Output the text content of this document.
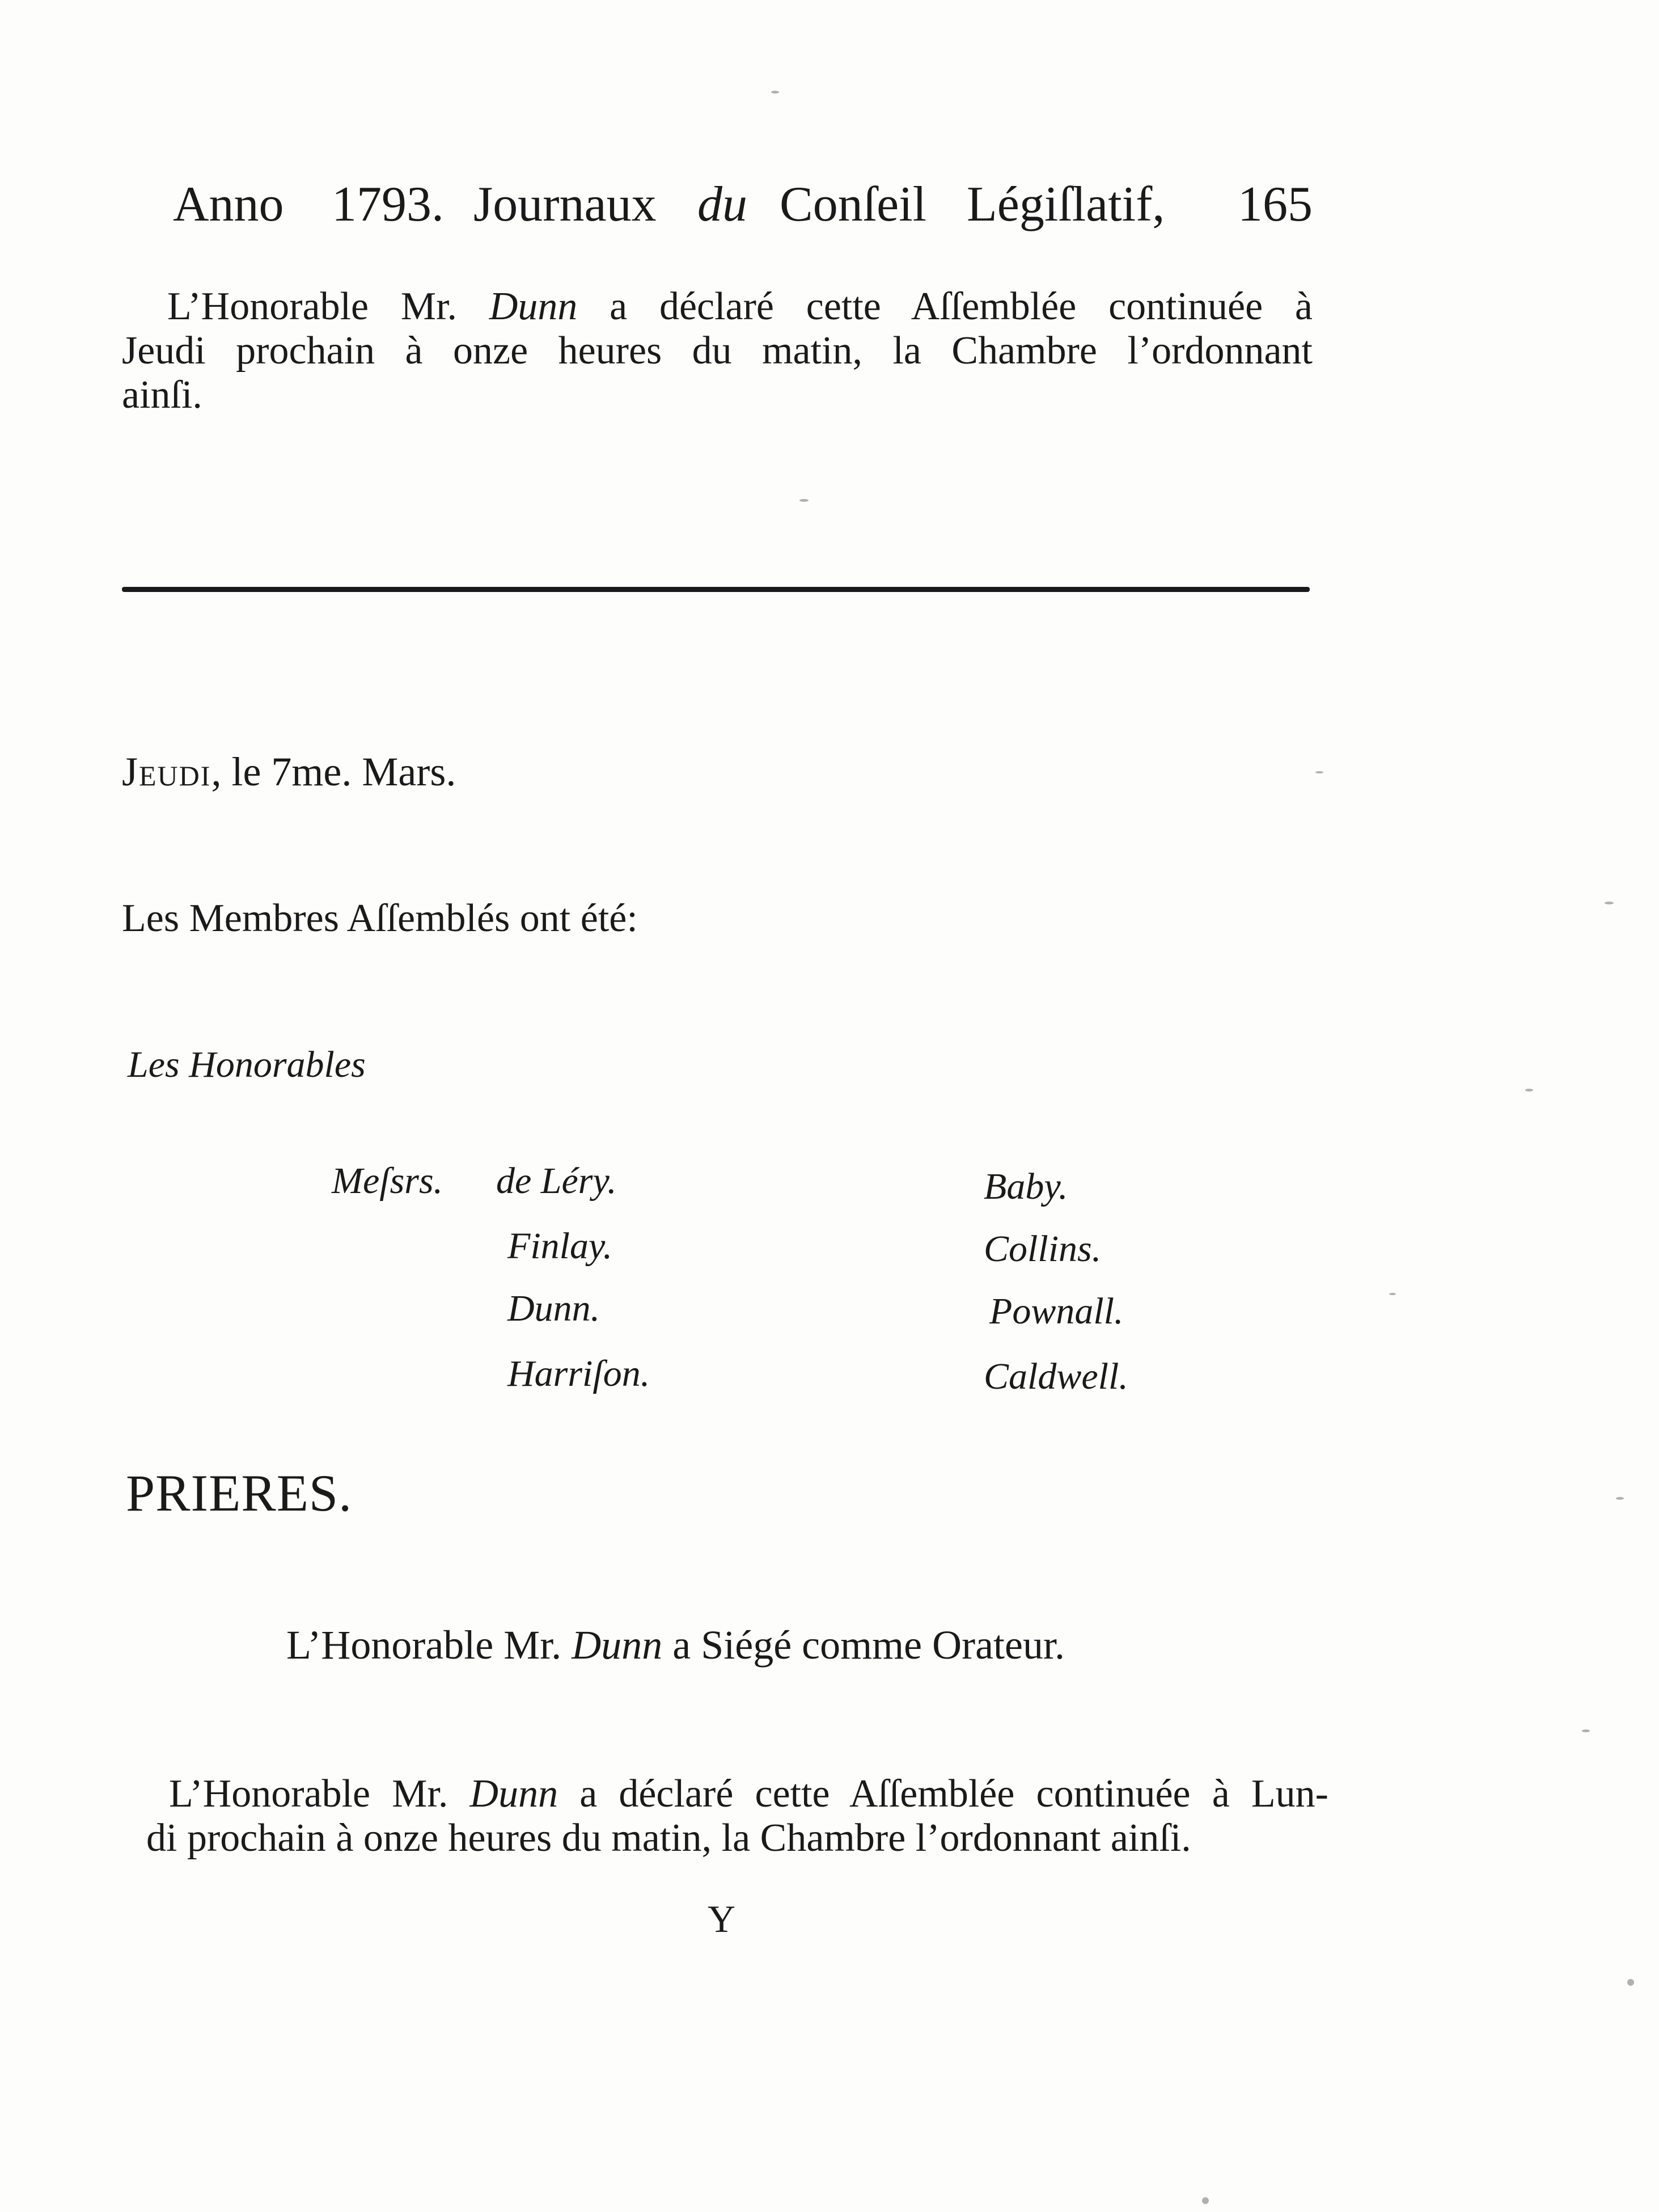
Anno 1793. Journaux du Conſeil Légiſlatif, 165
L’Honorable Mr. Dunn a déclaré cette Aſſemblée continuée à
Jeudi prochain à onze heures du matin, la Chambre l’ordonnant
ainſi.
Jeudi, le 7me. Mars.
Les Membres Aſſemblés ont été:
Les Honorables
Meſsrs. de Léry.
Finlay.
Dunn.
Harriſon.
Baby.
Collins.
Pownall.
Caldwell.
PRIERES.
L’Honorable Mr. Dunn a Siégé comme Orateur.
L’Honorable Mr. Dunn a déclaré cette Aſſemblée continuée à Lun-
di prochain à onze heures du matin, la Chambre l’ordonnant ainſi.
Y
